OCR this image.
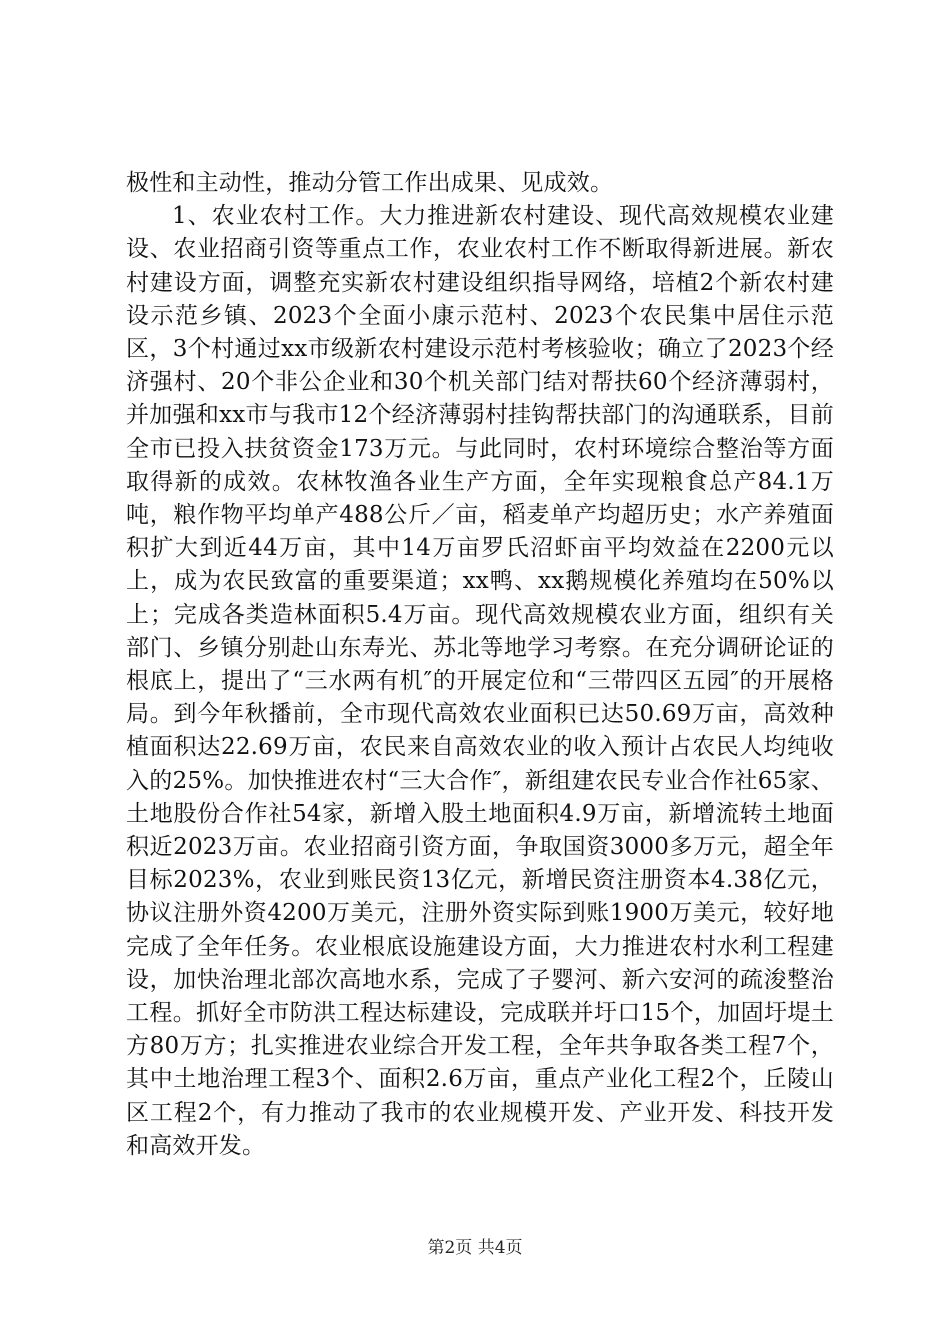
极性和主动性，推动分管工作出成果、见成效。

1、农业农村工作。大力推进新农村建设、现代高效规模农业建设、农业招商引资等重点工作，农业农村工作不断取得新进展。新农村建设方面，调整充实新农村建设组织指导网络，培植2个新农村建设示范乡镇、2023个全面小康示范村、2023个农民集中居住示范区，3个村通过xx市级新农村建设示范村考核验收；确立了2023个经济强村、20个非公企业和30个机关部门结对帮扶60个经济薄弱村，并加强和xx市与我市12个经济薄弱村挂钩帮扶部门的沟通联系，目前全市已投入扶贫资金173万元。与此同时，农村环境综合整治等方面取得新的成效。农林牧渔各业生产方面，全年实现粮食总产84.1万吨，粮作物平均单产488公斤／亩，稻麦单产均超历史；水产养殖面积扩大到近44万亩，其中14万亩罗氏沼虾亩平均效益在2200元以上，成为农民致富的重要渠道；xx鸭、xx鹅规模化养殖均在50%以上；完成各类造林面积5.4万亩。现代高效规模农业方面，组织有关部门、乡镇分别赴山东寿光、苏北等地学习考察。在充分调研论证的根底上，提出了“三水两有机″的开展定位和“三带四区五园″的开展格局。到今年秋播前，全市现代高效农业面积已达50.69万亩，高效种植面积达22.69万亩，农民来自高效农业的收入预计占农民人均纯收入的25%。加快推进农村“三大合作″，新组建农民专业合作社65家、土地股份合作社54家，新增入股土地面积4.9万亩，新增流转土地面积近2023万亩。农业招商引资方面，争取国资3000多万元，超全年目标2023%，农业到账民资13亿元，新增民资注册资本4.38亿元，协议注册外资4200万美元，注册外资实际到账1900万美元，较好地完成了全年任务。农业根底设施建设方面，大力推进农村水利工程建设，加快治理北部次高地水系，完成了子婴河、新六安河的疏浚整治工程。抓好全市防洪工程达标建设，完成联并圩口15个，加固圩堤土方80万方；扎实推进农业综合开发工程，全年共争取各类工程7个，其中土地治理工程3个、面积2.6万亩，重点产业化工程2个，丘陵山区工程2个，有力推动了我市的农业规模开发、产业开发、科技开发和高效开发。

第2页 共4页
